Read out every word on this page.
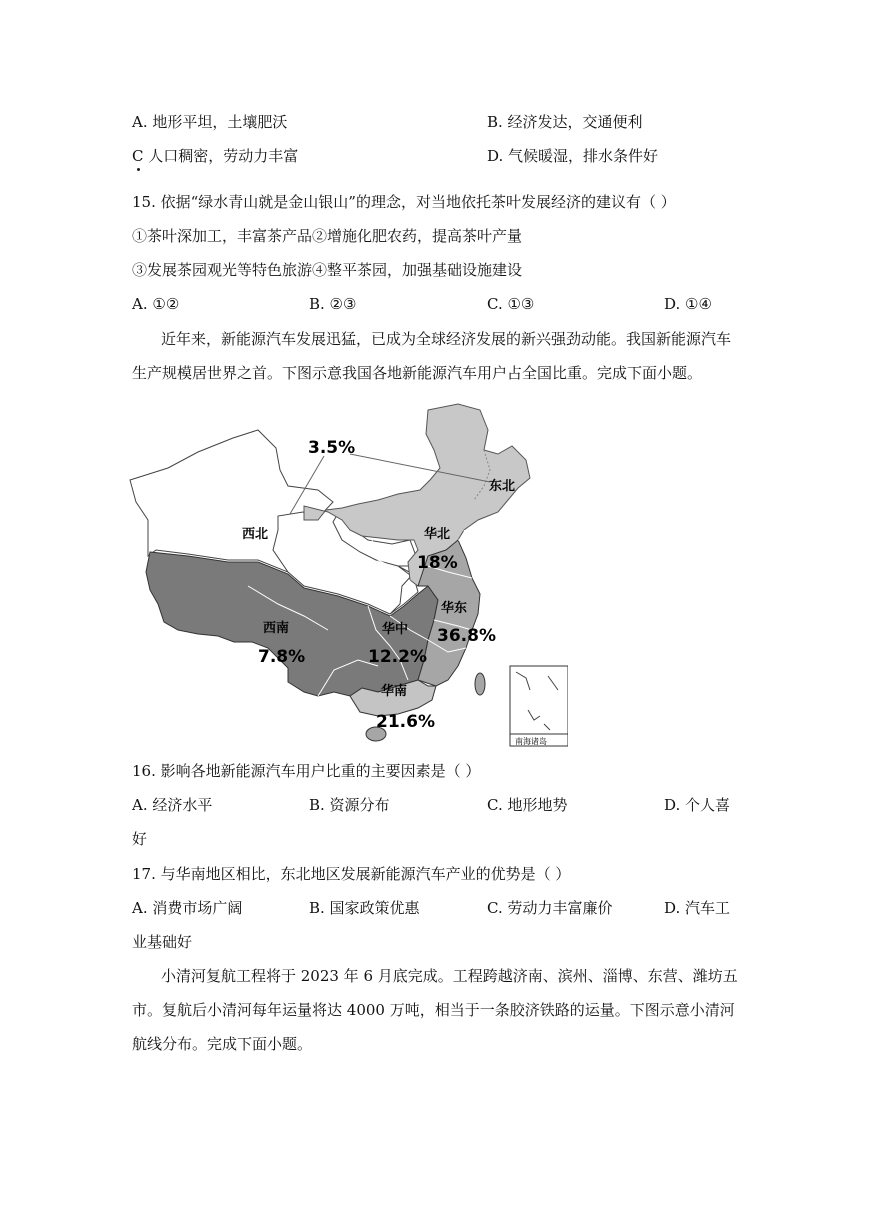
A. 地形平坦，土壤肥沃	B. 经济发达，交通便利
C 人口稠密，劳动力丰富	D. 气候暖湿，排水条件好
15. 依据“绿水青山就是金山银山”的理念，对当地依托茶叶发展经济的建议有（ ）
①茶叶深加工，丰富茶产品②增施化肥农药，提高茶叶产量
③发展茶园观光等特色旅游④整平茶园，加强基础设施建设
A. ①②	B. ②③	C. ①③	D. ①④
近年来，新能源汽车发展迅猛，已成为全球经济发展的新兴强劲动能。我国新能源汽车
生产规模居世界之首。下图示意我国各地新能源汽车用户占全国比重。完成下面小题。
3.5%
东北
西北	华北
18%
华东
36.8%
西南
7.8%
华中
12.2%
华南
21.6%
南海诸岛
16. 影响各地新能源汽车用户比重的主要因素是（ ）
A. 经济水平	B. 资源分布	C. 地形地势	D. 个人喜
好
17. 与华南地区相比，东北地区发展新能源汽车产业的优势是（ ）
A. 消费市场广阔	B. 国家政策优惠	C. 劳动力丰富廉价	D. 汽车工
业基础好
小清河复航工程将于 2023 年 6 月底完成。工程跨越济南、滨州、淄博、东营、潍坊五
市。复航后小清河每年运量将达 4000 万吨，相当于一条胶济铁路的运量。下图示意小清河
航线分布。完成下面小题。
